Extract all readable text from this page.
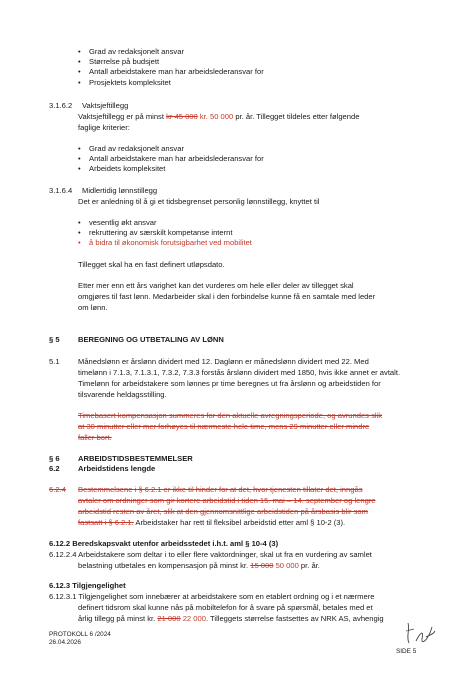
• Grad av redaksjonelt ansvar
• Størrelse på budsjett
• Antall arbeidstakere man har arbeidslederansvar for
• Prosjektets kompleksitet
3.1.6.2 Vaktsjeftillegg

Vaktsjeftillegg er på minst kr 45 000 kr. 50 000 pr. år. Tillegget tildeles etter følgende

faglige kriterier:

• Grad av redaksjonelt ansvar
• Antall arbeidstakere man har arbeidslederansvar for
• Arbeidets kompleksitet
3.1.6.4 Midlertidig lønnstillegg

Det er anledning til å gi et tidsbegrenset personlig lønnstillegg, knyttet til

• vesentlig økt ansvar
• rekruttering av særskilt kompetanse internt
• å bidra til økonomisk forutsigbarhet ved mobilitet

Tillegget skal ha en fast definert utløpsdato.

Etter mer enn ett års varighet kan det vurderes om hele eller deler av tillegget skal

omgjøres til fast lønn. Medarbeider skal i den forbindelse kunne få en samtale med leder

om lønn.

§ 5 BEREGNING OG UTBETALING AV LØNN
5.1 Månedslønn er årslønn dividert med 12. Daglønn er månedslønn dividert med 22. Med

timelønn i 7.1.3, 7.1.3.1, 7.3.2, 7.3.3 forstås årslønn dividert med 1850, hvis ikke annet er avtalt.

Timelønn for arbeidstakere som lønnes pr time beregnes ut fra årslønn og arbeidstiden for

tilsvarende heldagsstilling.

Timebasert kompensasjon summeres for den aktuelle avregningsperiode, og avrundes slik

at 30 minutter eller mer forhøyes til nærmeste hele time, mens 29 minutter eller mindre

faller bort.

§ 6 ARBEIDSTIDSBESTEMMELSER
6.2 Arbeidstidens lengde
6.2.4 Bestemmelsene i § 6.2.1 er ikke til hinder for at det, hvor tjenesten tillater det, inngås

avtaler om ordninger som gir kortere arbeidstid i tiden 15. mai – 14. september og lengre

arbeidstid resten av året, slik at den gjennomsnittlige arbeidstiden på årsbasis blir som

fastsatt i § 6.2.1. Arbeidstaker har rett til fleksibel arbeidstid etter aml § 10-2 (3).

6.12.2 Beredskapsvakt utenfor arbeidsstedet i.h.t. aml § 10-4 (3)

6.12.2.4 Arbeidstakere som deltar i to eller flere vaktordninger, skal ut fra en vurdering av samlet

belastning utbetales en kompensasjon på minst kr. 15 000 50 000 pr. år.

6.12.3 Tilgjengelighet

6.12.3.1 Tilgjengelighet som innebærer at arbeidstakere som en etablert ordning og i et nærmere

definert tidsrom skal kunne nås på mobiltelefon for å svare på spørsmål, betales med et

årlig tillegg på minst kr. 21 000 22 000. Tilleggets størrelse fastsettes av NRK AS, avhengig

PROTOKOLL 6 /2024
26.04.2026
SIDE 5
